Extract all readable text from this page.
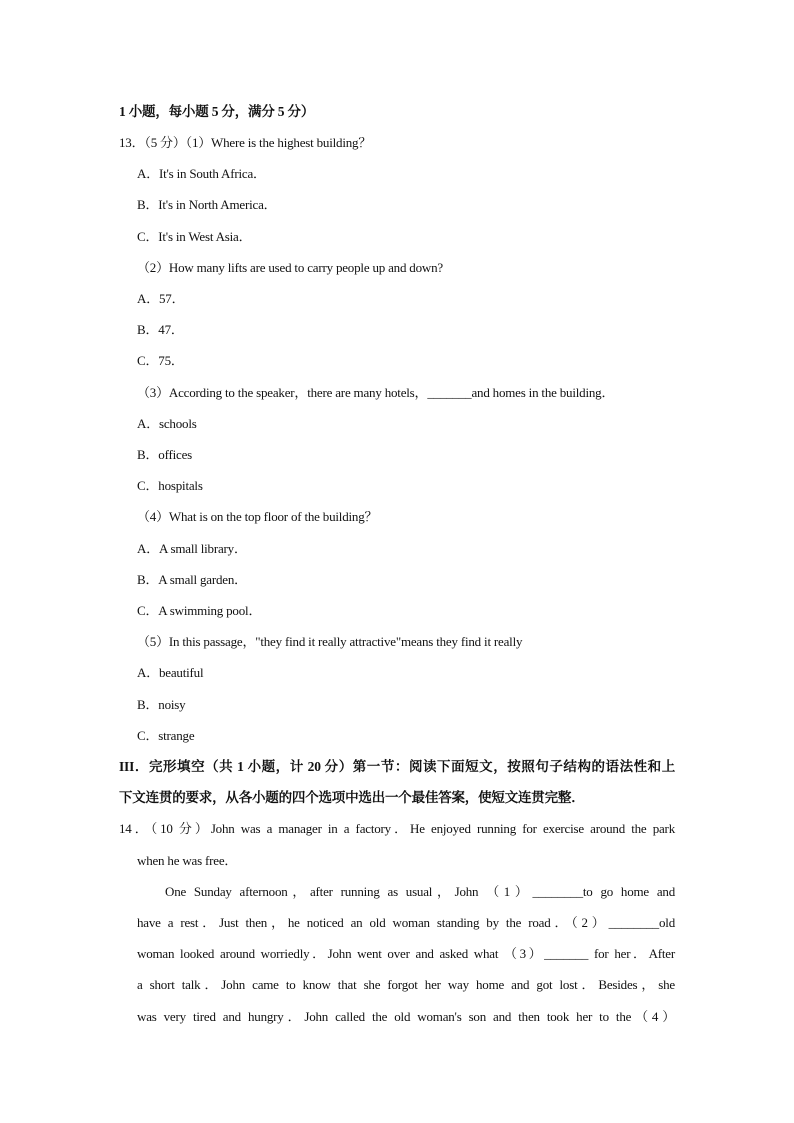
1 小题，每小题 5 分，满分 5 分）
13．（5 分）（1）Where is the highest building？
A．It's in South Africa．
B．It's in North America．
C．It's in West Asia．
（2）How many lifts are used to carry people up and down?
A．57．
B．47．
C．75．
（3）According to the speaker，there are many hotels，_______and homes in the building．
A．schools
B．offices
C．hospitals
（4）What is on the top floor of the building？
A．A small library．
B．A small garden．
C．A swimming pool．
（5）In this passage，"they find it really attractive"means they find it really
A．beautiful
B．noisy
C．strange
III．完形填空（共 1 小题，计 20 分）第一节：阅读下面短文，按照句子结构的语法性和上
下文连贯的要求，从各小题的四个选项中选出一个最佳答案，使短文连贯完整．
14．（10 分）John was a manager in a factory．He enjoyed running for exercise around the park
when he was free．
One Sunday afternoon，after running as usual，John （1）________to go home and
have a rest．Just then，he noticed an old woman standing by the road．（2）________old
woman looked around worriedly．John went over and asked what （3）_______ for her．After
a short talk．John came to know that she forgot her way home and got lost．Besides，she
was very tired and hungry．John called the old woman's son and then took her to the（4）
